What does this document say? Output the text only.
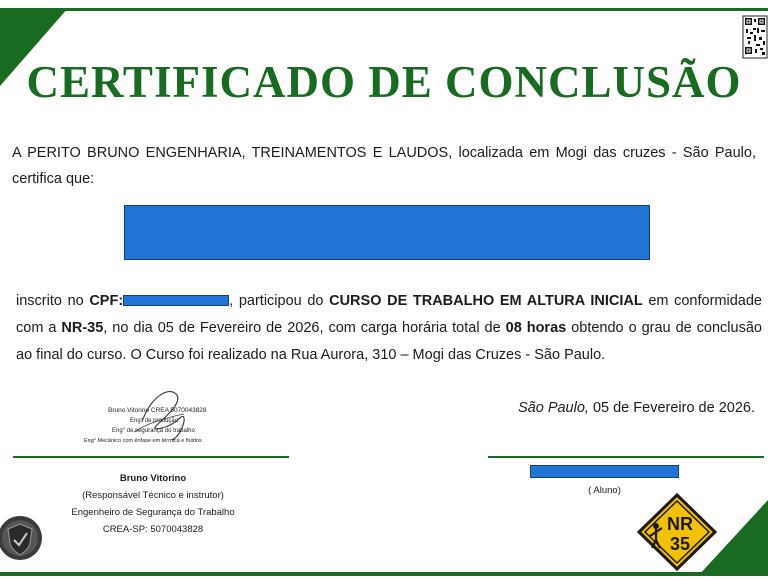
CERTIFICADO DE CONCLUSÃO

A PERITO BRUNO ENGENHARIA, TREINAMENTOS E LAUDOS, localizada em Mogi das cruzes - São Paulo, certifica que:

inscrito no CPF:	, participou do CURSO DE TRABALHO EM ALTURA INICIAL em conformidade com a NR-35, no dia 05 de Fevereiro de 2026, com carga horária total de 08 horas obtendo o grau de conclusão ao final do curso. O Curso foi realizado na Rua Aurora, 310 – Mogi das Cruzes - São Paulo.

Bruno Vitorino CREA 5070043828
Eng° de produção
Eng° de segurança do trabalho
Eng° Mecânico com ênfase em térmica e fluidos
São Paulo, 05 de Fevereiro de 2026.
Bruno Vitorino
(Responsável Técnico e instrutor)
Engenheiro de Segurança do Trabalho
CREA-SP: 5070043828
( Aluno)
NR
35
